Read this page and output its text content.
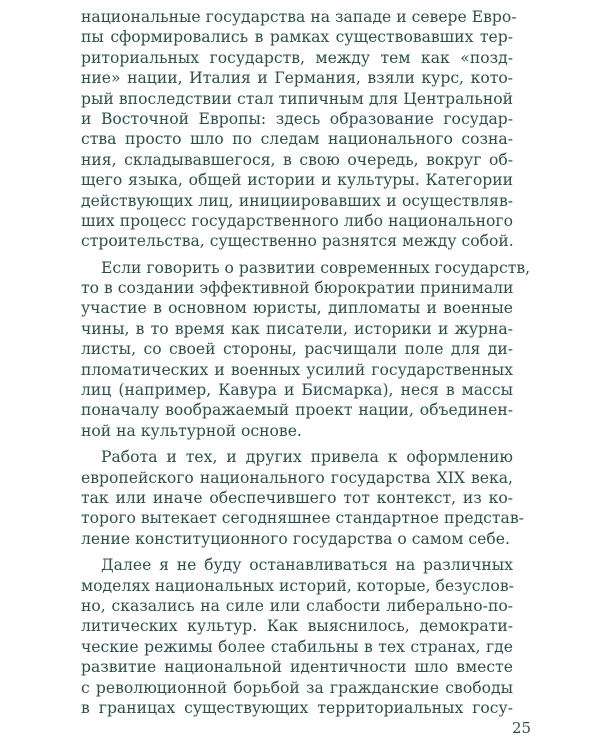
национальные государства на западе и севере Евро-
пы сформировались в рамках существовавших тер-
риториальных государств, между тем как «позд-
ние» нации, Италия и Германия, взяли курс, кото-
рый впоследствии стал типичным для Центральной
и Восточной Европы: здесь образование государ-
ства просто шло по следам национального созна-
ния, складывавшегося, в свою очередь, вокруг об-
щего языка, общей истории и культуры. Категории
действующих лиц, инициировавших и осуществляв-
ших процесс государственного либо национального
строительства, существенно разнятся между собой.
Если говорить о развитии современных государств,
то в создании эффективной бюрократии принимали
участие в основном юристы, дипломаты и военные
чины, в то время как писатели, историки и журна-
листы, со своей стороны, расчищали поле для ди-
пломатических и военных усилий государственных
лиц (например, Кавура и Бисмарка), неся в массы
поначалу воображаемый проект нации, объединен-
ной на культурной основе.
Работа и тех, и других привела к оформлению
европейского национального государства XIX века,
так или иначе обеспечившего тот контекст, из ко-
торого вытекает сегодняшнее стандартное представ-
ление конституционного государства о самом себе.
Далее я не буду останавливаться на различных
моделях национальных историй, которые, безуслов-
но, сказались на силе или слабости либерально-по-
литических культур. Как выяснилось, демократи-
ческие режимы более стабильны в тех странах, где
развитие национальной идентичности шло вместе
с революционной борьбой за гражданские свободы
в границах существующих территориальных госу-
25
